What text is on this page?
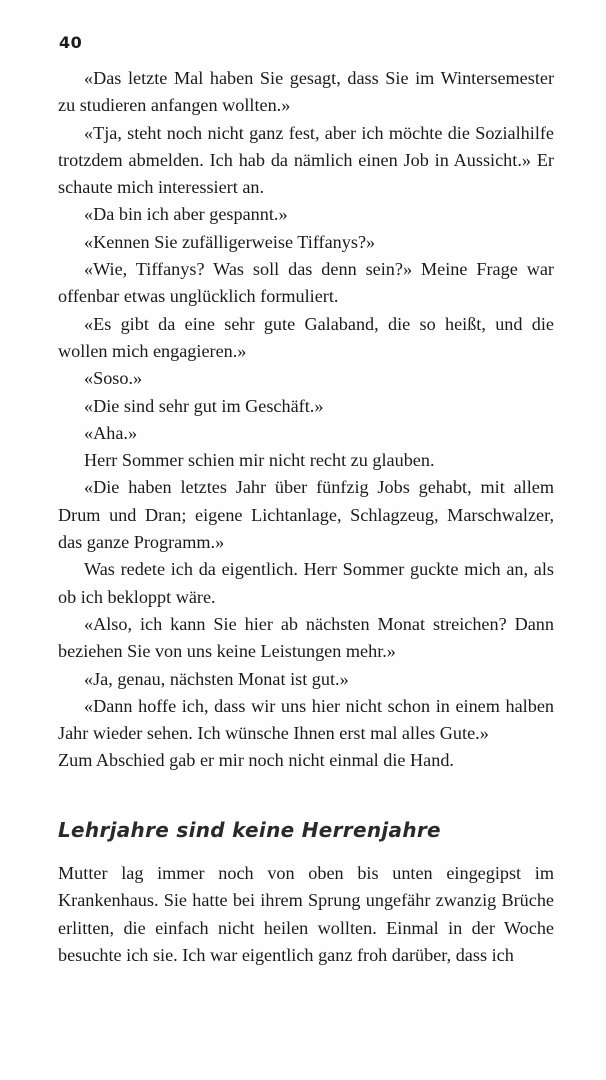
40

«Das letzte Mal haben Sie gesagt, dass Sie im Wintersemester zu studieren anfangen wollten.»

«Tja, steht noch nicht ganz fest, aber ich möchte die Sozialhilfe trotzdem abmelden. Ich hab da nämlich einen Job in Aussicht.» Er schaute mich interessiert an.

«Da bin ich aber gespannt.»

«Kennen Sie zufälligerweise Tiffanys?»

«Wie, Tiffanys? Was soll das denn sein?» Meine Frage war offenbar etwas unglücklich formuliert.

«Es gibt da eine sehr gute Galaband, die so heißt, und die wollen mich engagieren.»

«Soso.»

«Die sind sehr gut im Geschäft.»

«Aha.»

Herr Sommer schien mir nicht recht zu glauben.

«Die haben letztes Jahr über fünfzig Jobs gehabt, mit allem Drum und Dran; eigene Lichtanlage, Schlagzeug, Marschwalzer, das ganze Programm.»

Was redete ich da eigentlich. Herr Sommer guckte mich an, als ob ich bekloppt wäre.

«Also, ich kann Sie hier ab nächsten Monat streichen? Dann beziehen Sie von uns keine Leistungen mehr.»

«Ja, genau, nächsten Monat ist gut.»

«Dann hoffe ich, dass wir uns hier nicht schon in einem halben Jahr wieder sehen. Ich wünsche Ihnen erst mal alles Gute.»

Zum Abschied gab er mir noch nicht einmal die Hand.

Lehrjahre sind keine Herrenjahre

Mutter lag immer noch von oben bis unten eingegipst im Krankenhaus. Sie hatte bei ihrem Sprung ungefähr zwanzig Brüche erlitten, die einfach nicht heilen wollten. Einmal in der Woche besuchte ich sie. Ich war eigentlich ganz froh darüber, dass ich
